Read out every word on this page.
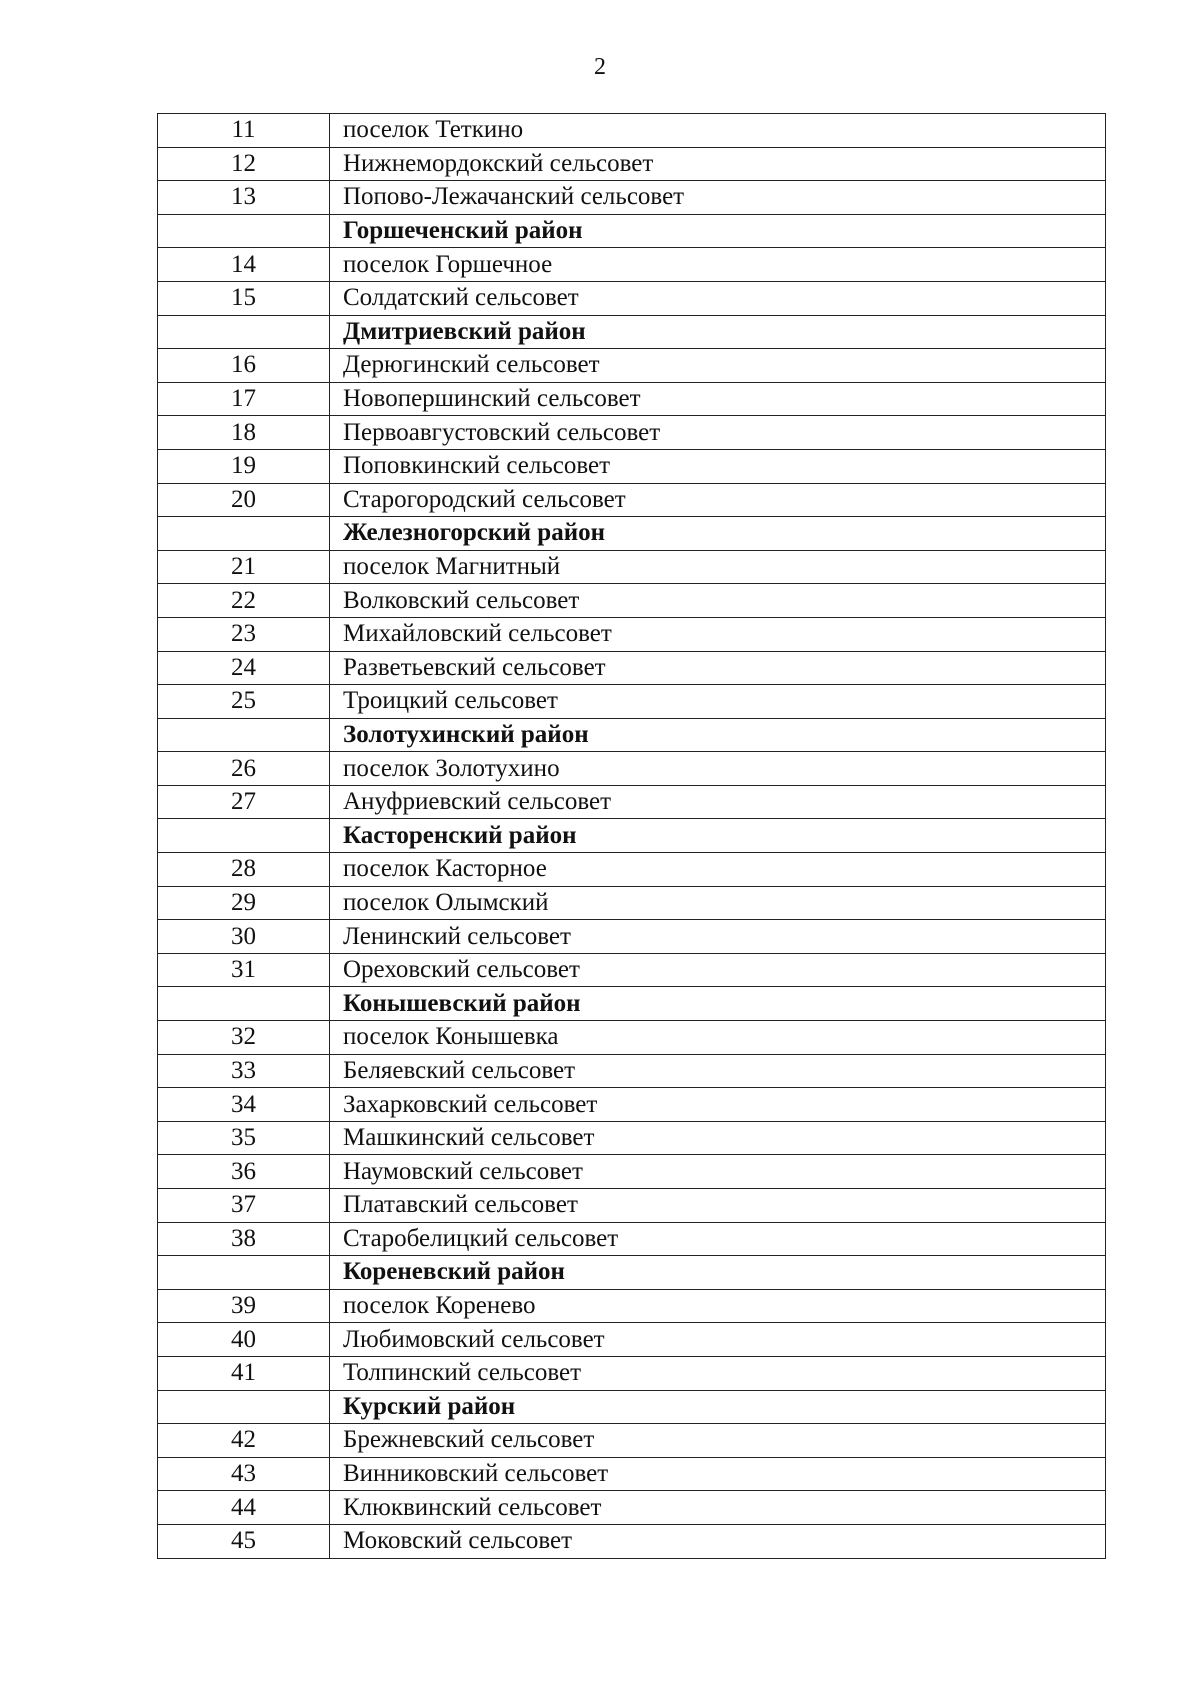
2
11	поселок Теткино
12	Нижнемордокский сельсовет
13	Попово-Лежачанский сельсовет
	Горшеченский район
14	поселок Горшечное
15	Солдатский сельсовет
	Дмитриевский район
16	Дерюгинский сельсовет
17	Новопершинский сельсовет
18	Первоавгустовский сельсовет
19	Поповкинский сельсовет
20	Старогородский сельсовет
	Железногорский район
21	поселок Магнитный
22	Волковский сельсовет
23	Михайловский сельсовет
24	Разветьевский сельсовет
25	Троицкий сельсовет
	Золотухинский район
26	поселок Золотухино
27	Ануфриевский сельсовет
	Касторенский район
28	поселок Касторное
29	поселок Олымский
30	Ленинский сельсовет
31	Ореховский сельсовет
	Конышевский район
32	поселок Конышевка
33	Беляевский сельсовет
34	Захарковский сельсовет
35	Машкинский сельсовет
36	Наумовский сельсовет
37	Платавский сельсовет
38	Старобелицкий сельсовет
	Кореневский район
39	поселок Коренево
40	Любимовский сельсовет
41	Толпинский сельсовет
	Курский район
42	Брежневский сельсовет
43	Винниковский сельсовет
44	Клюквинский сельсовет
45	Моковский сельсовет
